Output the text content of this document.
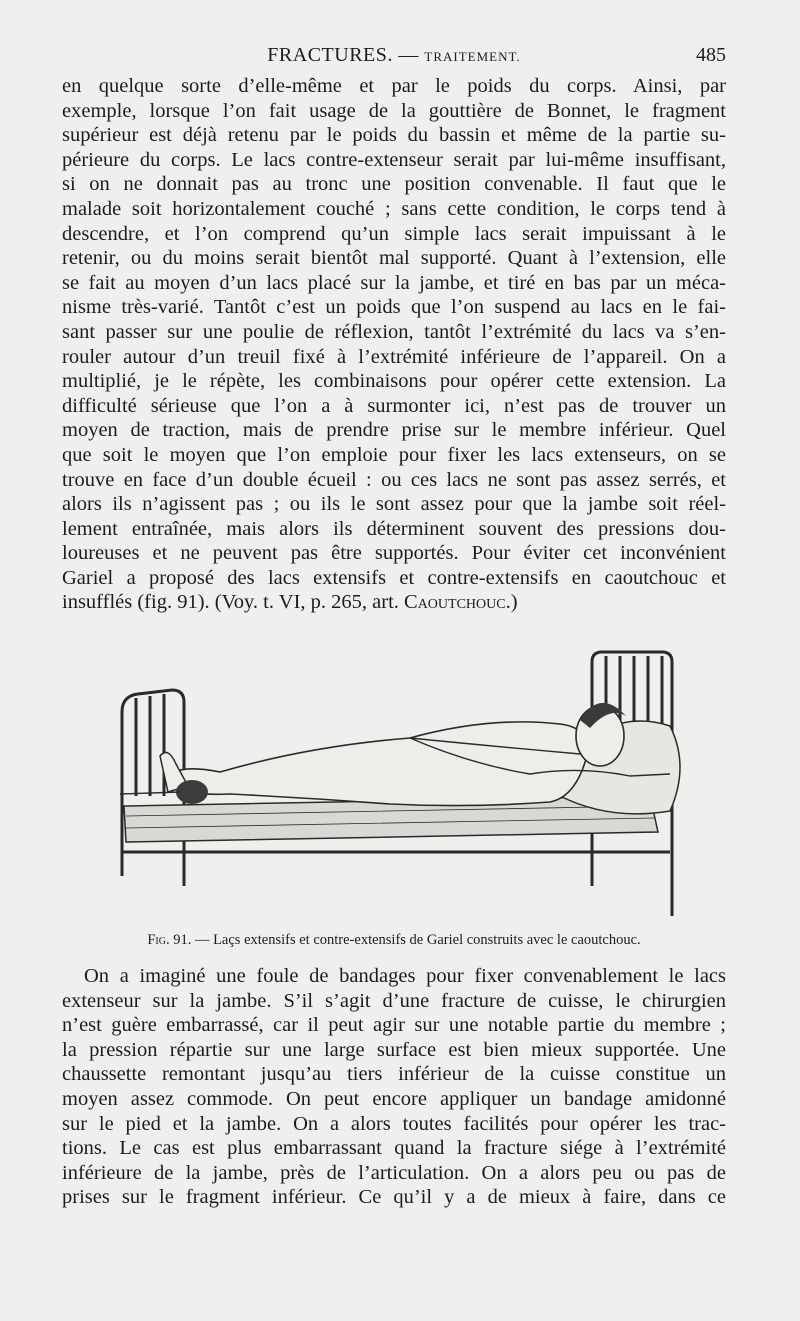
FRACTURES. — TRAITEMENT.	485

en quelque sorte d’elle-même et par le poids du corps. Ainsi, par
exemple, lorsque l’on fait usage de la gouttière de Bonnet, le fragment
supérieur est déjà retenu par le poids du bassin et même de la partie su-
périeure du corps. Le lacs contre-extenseur serait par lui-même insuffisant,
si on ne donnait pas au tronc une position convenable. Il faut que le
malade soit horizontalement couché ; sans cette condition, le corps tend à
descendre, et l’on comprend qu’un simple lacs serait impuissant à le
retenir, ou du moins serait bientôt mal supporté. Quant à l’extension, elle
se fait au moyen d’un lacs placé sur la jambe, et tiré en bas par un méca-
nisme très-varié. Tantôt c’est un poids que l’on suspend au lacs en le fai-
sant passer sur une poulie de réflexion, tantôt l’extrémité du lacs va s’en-
rouler autour d’un treuil fixé à l’extrémité inférieure de l’appareil. On a
multiplié, je le répète, les combinaisons pour opérer cette extension. La
difficulté sérieuse que l’on a à surmonter ici, n’est pas de trouver un
moyen de traction, mais de prendre prise sur le membre inférieur. Quel
que soit le moyen que l’on emploie pour fixer les lacs extenseurs, on se
trouve en face d’un double écueil : ou ces lacs ne sont pas assez serrés, et
alors ils n’agissent pas ; ou ils le sont assez pour que la jambe soit réel-
lement entraînée, mais alors ils déterminent souvent des pressions dou-
loureuses et ne peuvent pas être supportés. Pour éviter cet inconvénient
Gariel a proposé des lacs extensifs et contre-extensifs en caoutchouc et

insufflés (fig. 91). (Voy. t. VI, p. 265, art. Caoutchouc.)
Fig. 91. — Laçs extensifs et contre-extensifs de Gariel construits avec le caoutchouc.
On a imaginé une foule de bandages pour fixer convenablement le lacs
extenseur sur la jambe. S’il s’agit d’une fracture de cuisse, le chirurgien
n’est guère embarrassé, car il peut agir sur une notable partie du membre ;
la pression répartie sur une large surface est bien mieux supportée. Une
chaussette remontant jusqu’au tiers inférieur de la cuisse constitue un
moyen assez commode. On peut encore appliquer un bandage amidonné
sur le pied et la jambe. On a alors toutes facilités pour opérer les trac-
tions. Le cas est plus embarrassant quand la fracture siége à l’extrémité
inférieure de la jambe, près de l’articulation. On a alors peu ou pas de
prises sur le fragment inférieur. Ce qu’il y a de mieux à faire, dans ce
